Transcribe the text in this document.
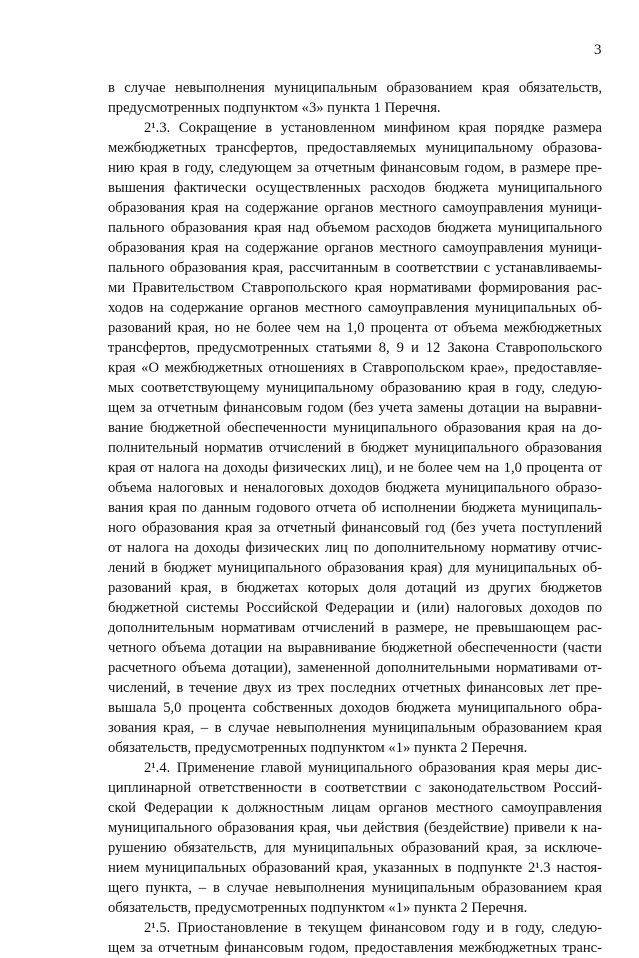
3
в случае невыполнения муниципальным образованием края обязательств,
предусмотренных подпунктом «3» пункта 1 Перечня.
2¹.3. Сокращение в установленном минфином края порядке размера
межбюджетных трансфертов, предоставляемых муниципальному образова-
нию края в году, следующем за отчетным финансовым годом, в размере пре-
вышения фактически осуществленных расходов бюджета муниципального
образования края на содержание органов местного самоуправления муници-
пального образования края над объемом расходов бюджета муниципального
образования края на содержание органов местного самоуправления муници-
пального образования края, рассчитанным в соответствии с устанавливаемы-
ми Правительством Ставропольского края нормативами формирования рас-
ходов на содержание органов местного самоуправления муниципальных об-
разований края, но не более чем на 1,0 процента от объема межбюджетных
трансфертов, предусмотренных статьями 8, 9 и 12 Закона Ставропольского
края «О межбюджетных отношениях в Ставропольском крае», предоставляе-
мых соответствующему муниципальному образованию края в году, следую-
щем за отчетным финансовым годом (без учета замены дотации на выравни-
вание бюджетной обеспеченности муниципального образования края на до-
полнительный норматив отчислений в бюджет муниципального образования
края от налога на доходы физических лиц), и не более чем на 1,0 процента от
объема налоговых и неналоговых доходов бюджета муниципального образо-
вания края по данным годового отчета об исполнении бюджета муниципаль-
ного образования края за отчетный финансовый год (без учета поступлений
от налога на доходы физических лиц по дополнительному нормативу отчис-
лений в бюджет муниципального образования края) для муниципальных об-
разований края, в бюджетах которых доля дотаций из других бюджетов
бюджетной системы Российской Федерации и (или) налоговых доходов по
дополнительным нормативам отчислений в размере, не превышающем рас-
четного объема дотации на выравнивание бюджетной обеспеченности (части
расчетного объема дотации), замененной дополнительными нормативами от-
числений, в течение двух из трех последних отчетных финансовых лет пре-
вышала 5,0 процента собственных доходов бюджета муниципального обра-
зования края, – в случае невыполнения муниципальным образованием края
обязательств, предусмотренных подпунктом «1» пункта 2 Перечня.
2¹.4. Применение главой муниципального образования края меры дис-
циплинарной ответственности в соответствии с законодательством Россий-
ской Федерации к должностным лицам органов местного самоуправления
муниципального образования края, чьи действия (бездействие) привели к на-
рушению обязательств, для муниципальных образований края, за исключе-
нием муниципальных образований края, указанных в подпункте 2¹.3 настоя-
щего пункта, – в случае невыполнения муниципальным образованием края
обязательств, предусмотренных подпунктом «1» пункта 2 Перечня.
2¹.5. Приостановление в текущем финансовом году и в году, следую-
щем за отчетным финансовым годом, предоставления межбюджетных транс-
